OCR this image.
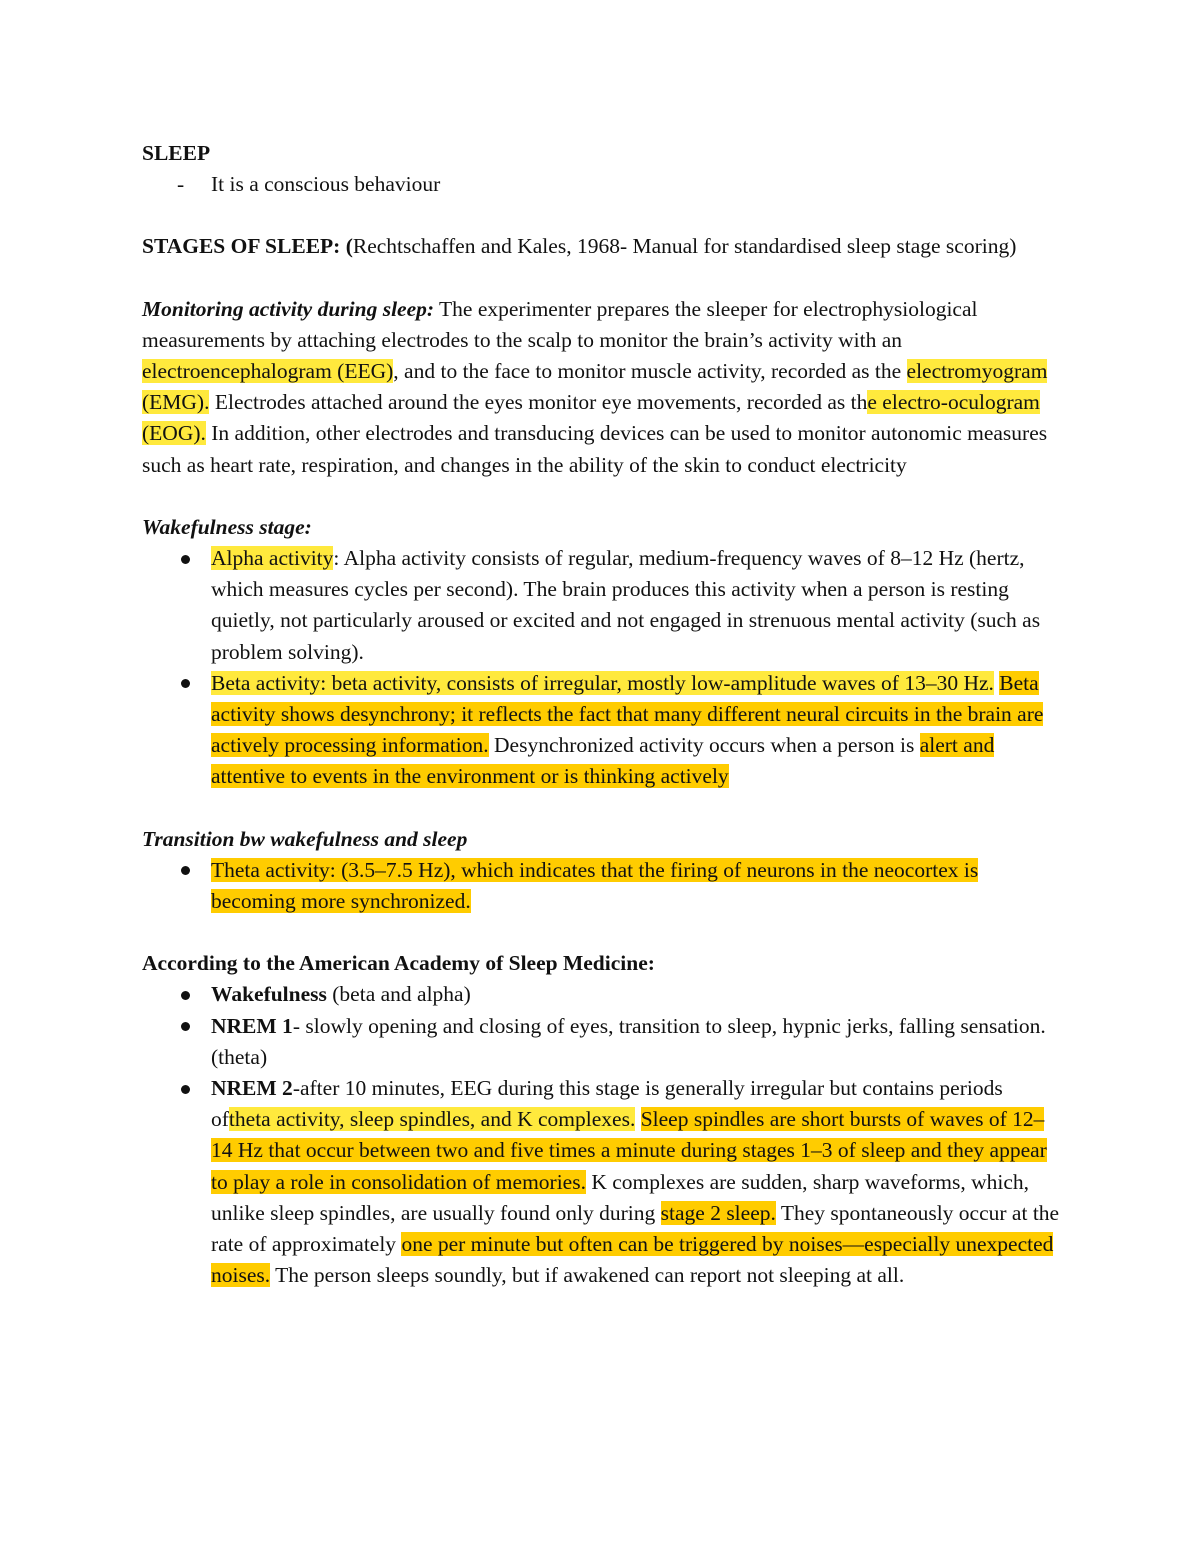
SLEEP

- It is a conscious behaviour

STAGES OF SLEEP: (Rechtschaffen and Kales, 1968- Manual for standardised sleep stage scoring)

Monitoring activity during sleep: The experimenter prepares the sleeper for electrophysiological measurements by attaching electrodes to the scalp to monitor the brain’s activity with an electroencephalogram (EEG), and to the face to monitor muscle activity, recorded as the electromyogram (EMG). Electrodes attached around the eyes monitor eye movements, recorded as the electro-oculogram (EOG). In addition, other electrodes and transducing devices can be used to monitor autonomic measures such as heart rate, respiration, and changes in the ability of the skin to conduct electricity

Wakefulness stage:

Alpha activity: Alpha activity consists of regular, medium-frequency waves of 8–12 Hz (hertz, which measures cycles per second). The brain produces this activity when a person is resting quietly, not particularly aroused or excited and not engaged in strenuous mental activity (such as problem solving).
Beta activity: beta activity, consists of irregular, mostly low-amplitude waves of 13–30 Hz. Beta activity shows desynchrony; it reflects the fact that many different neural circuits in the brain are actively processing information. Desynchronized activity occurs when a person is alert and attentive to events in the environment or is thinking actively

Transition bw wakefulness and sleep

Theta activity: (3.5–7.5 Hz), which indicates that the firing of neurons in the neocortex is becoming more synchronized.

According to the American Academy of Sleep Medicine:

Wakefulness (beta and alpha)
NREM 1- slowly opening and closing of eyes, transition to sleep, hypnic jerks, falling sensation. (theta)
NREM 2-after 10 minutes, EEG during this stage is generally irregular but contains periods oftheta activity, sleep spindles, and K complexes. Sleep spindles are short bursts of waves of 12–14 Hz that occur between two and five times a minute during stages 1–3 of sleep and they appear to play a role in consolidation of memories. K complexes are sudden, sharp waveforms, which, unlike sleep spindles, are usually found only during stage 2 sleep. They spontaneously occur at the rate of approximately one per minute but often can be triggered by noises—especially unexpected noises. The person sleeps soundly, but if awakened can report not sleeping at all.
